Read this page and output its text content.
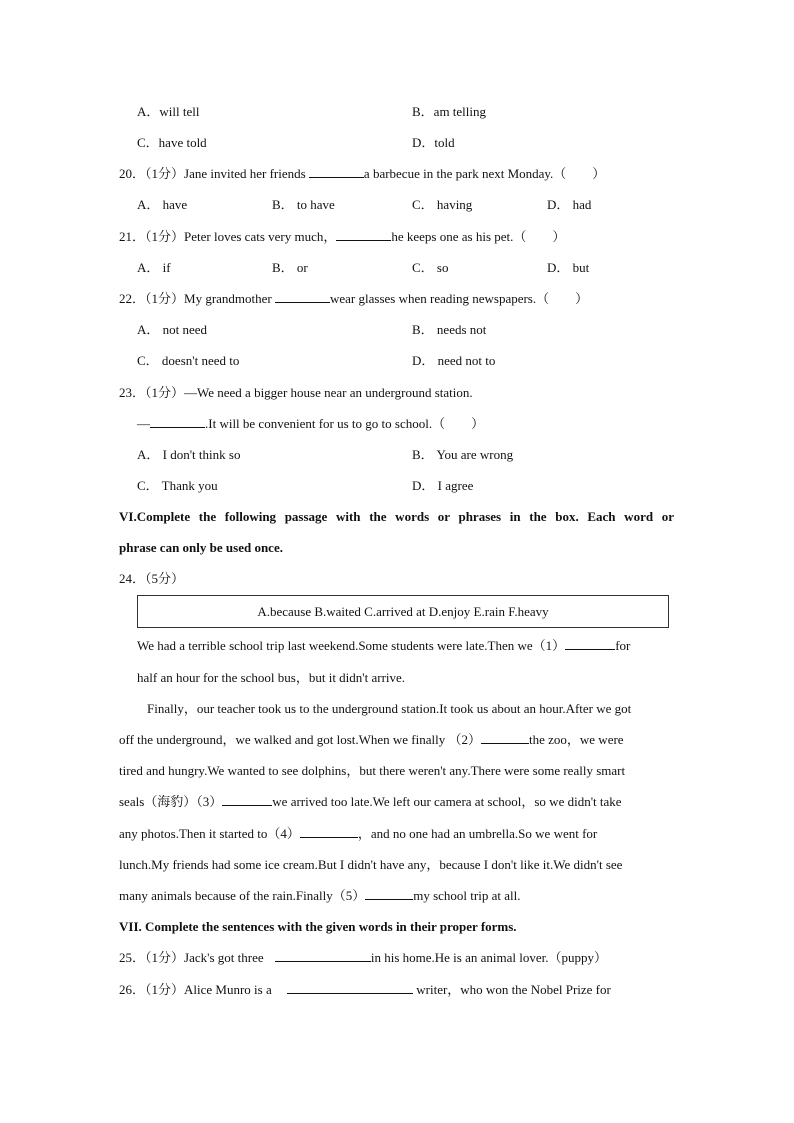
A．will tell	B．am telling
C．have told	D．told
20．（1分）Jane invited her friends	a barbecue in the park next Monday.（　　）
A． have	B． to have	C． having	D． had
21．（1分）Peter loves cats very much，	he keeps one as his pet.（　　）
A． if	B． or	C． so	D． but
22．（1分）My grandmother	wear glasses when reading newspapers.（　　）
A． not need	B． needs not
C． doesn't need to	D． need not to
23．（1分）—We need a bigger house near an underground station.
—	.It will be convenient for us to go to school.（　　）
A． I don't think so	B． You are wrong
C． Thank you	D． I agree
VI.Complete the following passage with the words or phrases in the box. Each word or
phrase can only be used once.
24．（5分）
A.because B.waited C.arrived at D.enjoy E.rain F.heavy
We had a terrible school trip last weekend.Some students were late.Then we（1）	for
half an hour for the school bus，but it didn't arrive.
Finally，our teacher took us to the underground station.It took us about an hour.After we got
off the underground，we walked and got lost.When we finally （2）	the zoo，we were
tired and hungry.We wanted to see dolphins，but there weren't any.There were some really smart
seals（海豹）（3）	we arrived too late.We left our camera at school，so we didn't take
any photos.Then it started to（4）	，and no one had an umbrella.So we went for
lunch.My friends had some ice cream.But I didn't have any，because I don't like it.We didn't see
many animals because of the rain.Finally（5）	my school trip at all.
VII. Complete the sentences with the given words in their proper forms.
25．（1分）Jack's got three	in his home.He is an animal lover.（puppy）
26．（1分）Alice Munro is a	writer，who won the Nobel Prize for
